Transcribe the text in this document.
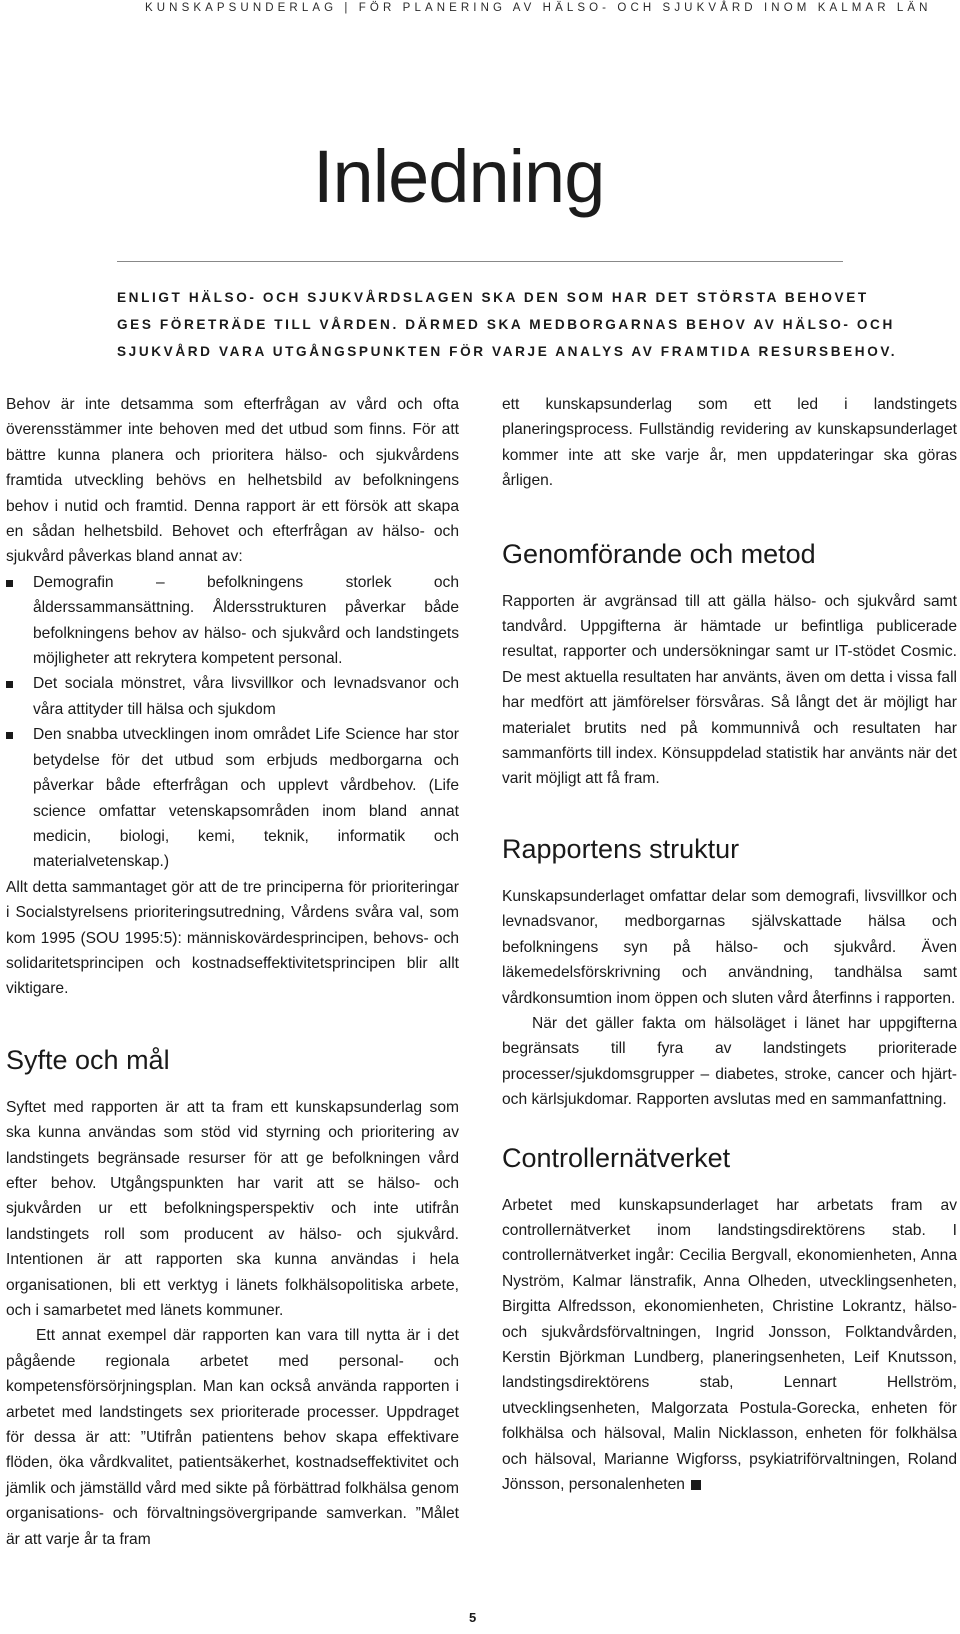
KUNSKAPSUNDERLAG | FÖR PLANERING AV HÄLSO- OCH SJUKVÅRD INOM KALMAR LÄN
Inledning
ENLIGT HÄLSO- OCH SJUKVÅRDSLAGEN SKA DEN SOM HAR DET STÖRSTA BEHOVET
GES FÖRETRÄDE TILL VÅRDEN. DÄRMED SKA MEDBORGARNAS BEHOV AV HÄLSO- OCH
SJUKVÅRD VARA UTGÅNGSPUNKTEN FÖR VARJE ANALYS AV FRAMTIDA RESURSBEHOV.

Behov är inte detsamma som efterfrågan av vård och ofta överensstämmer inte behoven med det utbud som finns. För att bättre kunna planera och prioritera hälso- och sjukvårdens framtida utveckling behövs en helhetsbild av befolkningens behov i nutid och framtid. Denna rapport är ett försök att skapa en sådan helhetsbild. Behovet och efterfrågan av hälso- och sjukvård påverkas bland annat av:

Demografin – befolkningens storlek och ålderssammansättning. Åldersstrukturen påverkar både befolkningens behov av hälso- och sjukvård och landstingets möjligheter att rekrytera kompetent personal.
Det sociala mönstret, våra livsvillkor och levnadsvanor och våra attityder till hälsa och sjukdom
Den snabba utvecklingen inom området Life Science har stor betydelse för det utbud som erbjuds medborgarna och påverkar både efterfrågan och upplevt vårdbehov. (Life science omfattar vetenskapsområden inom bland annat medicin, biologi, kemi, teknik, informatik och materialvetenskap.)

Allt detta sammantaget gör att de tre principerna för prioriteringar i Socialstyrelsens prioriteringsutredning, Vårdens svåra val, som kom 1995 (SOU 1995:5): människovärdesprincipen, behovs- och solidaritetsprincipen och kostnadseffektivitetsprincipen blir allt viktigare.

Syfte och mål

Syftet med rapporten är att ta fram ett kunskapsunderlag som ska kunna användas som stöd vid styrning och prioritering av landstingets begränsade resurser för att ge befolkningen vård efter behov. Utgångspunkten har varit att se hälso- och sjukvården ur ett befolkningsperspektiv och inte utifrån landstingets roll som producent av hälso- och sjukvård. Intentionen är att rapporten ska kunna användas i hela organisationen, bli ett verktyg i länets folkhälsopolitiska arbete, och i samarbetet med länets kommuner.

Ett annat exempel där rapporten kan vara till nytta är i det pågående regionala arbetet med personal- och kompetensförsörjningsplan. Man kan också använda rapporten i arbetet med landstingets sex prioriterade processer. Uppdraget för dessa är att: ”Utifrån patientens behov skapa effektivare flöden, öka vårdkvalitet, patientsäkerhet, kostnadseffektivitet och jämlik och jämställd vård med sikte på förbättrad folkhälsa genom organisations- och förvaltningsövergripande samverkan. ”Målet är att varje år ta fram

ett kunskapsunderlag som ett led i landstingets planeringsprocess. Fullständig revidering av kunskapsunderlaget kommer inte att ske varje år, men uppdateringar ska göras årligen.

Genomförande och metod

Rapporten är avgränsad till att gälla hälso- och sjukvård samt tandvård. Uppgifterna är hämtade ur befintliga publicerade resultat, rapporter och undersökningar samt ur IT-stödet Cosmic. De mest aktuella resultaten har använts, även om detta i vissa fall har medfört att jämförelser försvåras. Så långt det är möjligt har materialet brutits ned på kommunnivå och resultaten har sammanförts till index. Könsuppdelad statistik har använts när det varit möjligt att få fram.

Rapportens struktur

Kunskapsunderlaget omfattar delar som demografi, livsvillkor och levnadsvanor, medborgarnas självskattade hälsa och befolkningens syn på hälso- och sjukvård. Även läkemedelsförskrivning och användning, tandhälsa samt vårdkonsumtion inom öppen och sluten vård återfinns i rapporten.

När det gäller fakta om hälsoläget i länet har uppgifterna begränsats till fyra av landstingets prioriterade processer/sjukdomsgrupper – diabetes, stroke, cancer och hjärt- och kärlsjukdomar. Rapporten avslutas med en sammanfattning.

Controllernätverket

Arbetet med kunskapsunderlaget har arbetats fram av controllernätverket inom landstingsdirektörens stab. I controllernätverket ingår: Cecilia Bergvall, ekonomienheten, Anna Nyström, Kalmar länstrafik, Anna Olheden, utvecklingsenheten, Birgitta Alfredsson, ekonomienheten, Christine Lokrantz, hälso- och sjukvårdsförvaltningen, Ingrid Jonsson, Folktandvården, Kerstin Björkman Lundberg, planeringsenheten, Leif Knutsson, landstingsdirektörens stab, Lennart Hellström, utvecklingsenheten, Malgorzata Postula-Gorecka, enheten för folkhälsa och hälsoval, Malin Nicklasson, enheten för folkhälsa och hälsoval, Marianne Wigforss, psykiatriförvaltningen, Roland Jönsson, personalenheten

5
